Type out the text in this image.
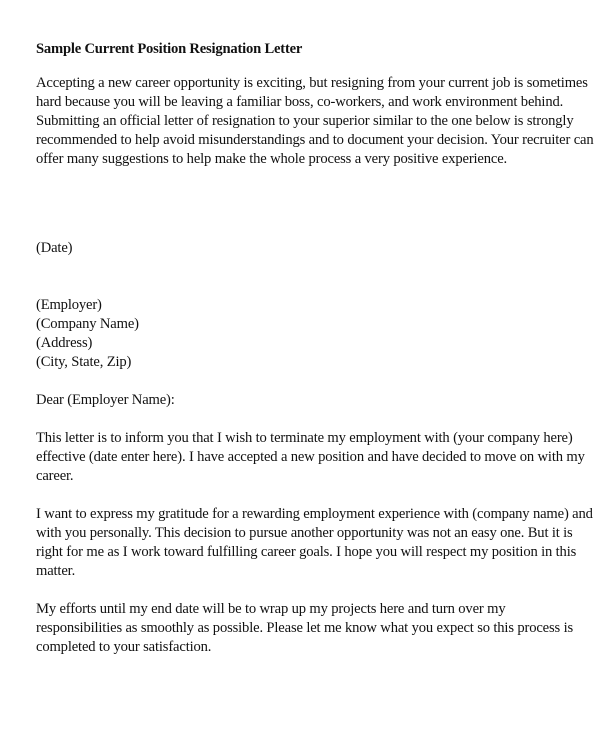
Sample Current Position Resignation Letter
Accepting a new career opportunity is exciting, but resigning from your current job is sometimes
hard because you will be leaving a familiar boss, co-workers, and work environment behind.
Submitting an official letter of resignation to your superior similar to the one below is strongly
recommended to help avoid misunderstandings and to document your decision. Your recruiter can
offer many suggestions to help make the whole process a very positive experience.
(Date)
(Employer)
(Company Name)
(Address)
(City, State, Zip)
Dear (Employer Name):
This letter is to inform you that I wish to terminate my employment with (your company here)
effective (date enter here). I have accepted a new position and have decided to move on with my
career.
I want to express my gratitude for a rewarding employment experience with (company name) and
with you personally. This decision to pursue another opportunity was not an easy one. But it is
right for me as I work toward fulfilling career goals. I hope you will respect my position in this
matter.
My efforts until my end date will be to wrap up my projects here and turn over my
responsibilities as smoothly as possible. Please let me know what you expect so this process is
completed to your satisfaction.
